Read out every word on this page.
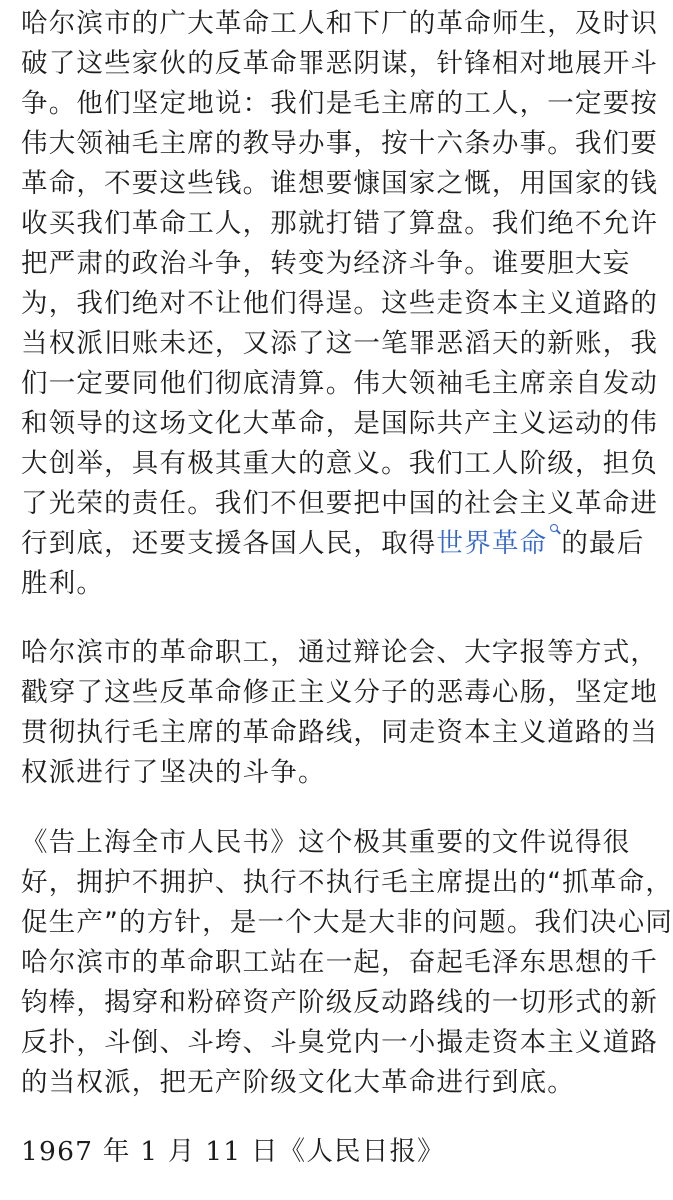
哈尔滨市的广大革命工人和下厂的革命师生，及时识
破了这些家伙的反革命罪恶阴谋，针锋相对地展开斗
争。他们坚定地说：我们是毛主席的工人，一定要按
伟大领袖毛主席的教导办事，按十六条办事。我们要
革命，不要这些钱。谁想要慷国家之慨，用国家的钱
收买我们革命工人，那就打错了算盘。我们绝不允许
把严肃的政治斗争，转变为经济斗争。谁要胆大妄
为，我们绝对不让他们得逞。这些走资本主义道路的
当权派旧账未还，又添了这一笔罪恶滔天的新账，我
们一定要同他们彻底清算。伟大领袖毛主席亲自发动
和领导的这场文化大革命，是国际共产主义运动的伟
大创举，具有极其重大的意义。我们工人阶级，担负
了光荣的责任。我们不但要把中国的社会主义革命进
行到底，还要支援各国人民，取得世界革命 的最后
胜利。
哈尔滨市的革命职工，通过辩论会、大字报等方式，
戳穿了这些反革命修正主义分子的恶毒心肠，坚定地
贯彻执行毛主席的革命路线，同走资本主义道路的当
权派进行了坚决的斗争。
《告上海全市人民书》这个极其重要的文件说得很
好，拥护不拥护、执行不执行毛主席提出的“抓革命，
促生产”的方针，是一个大是大非的问题。我们决心同
哈尔滨市的革命职工站在一起，奋起毛泽东思想的千
钧棒，揭穿和粉碎资产阶级反动路线的一切形式的新
反扑，斗倒、斗垮、斗臭党内一小撮走资本主义道路
的当权派，把无产阶级文化大革命进行到底。
1967 年 1 月 11 日《人民日报》
